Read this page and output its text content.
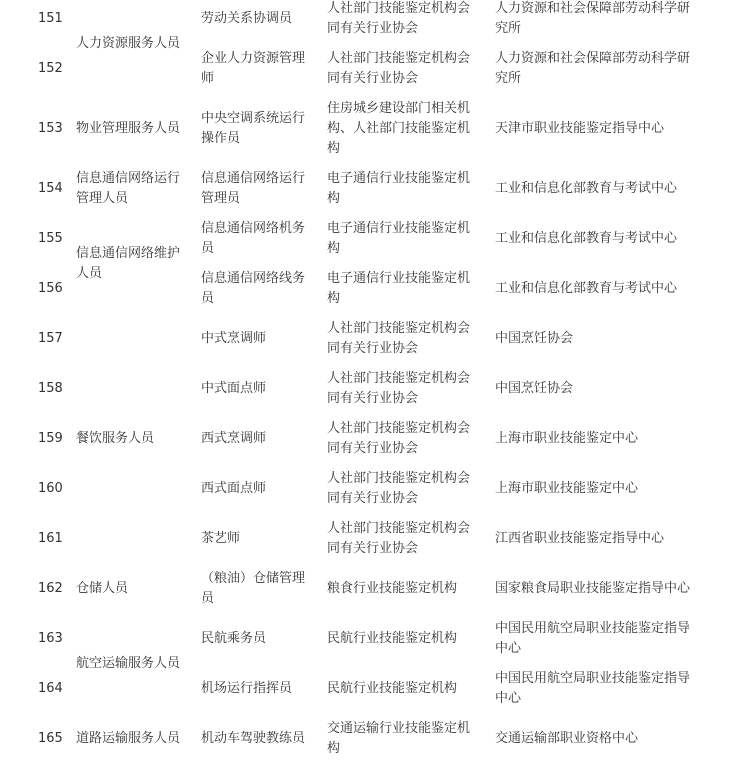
151	人力资源服务人员	劳动关系协调员	人社部门技能鉴定机构会同有关行业协会	人力资源和社会保障部劳动科学研究所
152		企业人力资源管理师	人社部门技能鉴定机构会同有关行业协会	人力资源和社会保障部劳动科学研究所
153	物业管理服务人员	中央空调系统运行操作员	住房城乡建设部门相关机构、人社部门技能鉴定机构	天津市职业技能鉴定指导中心
154	信息通信网络运行管理人员	信息通信网络运行管理员	电子通信行业技能鉴定机构	工业和信息化部教育与考试中心
155	信息通信网络维护人员	信息通信网络机务员	电子通信行业技能鉴定机构	工业和信息化部教育与考试中心
156		信息通信网络线务员	电子通信行业技能鉴定机构	工业和信息化部教育与考试中心
157	餐饮服务人员	中式烹调师	人社部门技能鉴定机构会同有关行业协会	中国烹饪协会
158		中式面点师	人社部门技能鉴定机构会同有关行业协会	中国烹饪协会
159		西式烹调师	人社部门技能鉴定机构会同有关行业协会	上海市职业技能鉴定中心
160		西式面点师	人社部门技能鉴定机构会同有关行业协会	上海市职业技能鉴定中心
161		茶艺师	人社部门技能鉴定机构会同有关行业协会	江西省职业技能鉴定指导中心
162	仓储人员	（粮油）仓储管理员	粮食行业技能鉴定机构	国家粮食局职业技能鉴定指导中心
163	航空运输服务人员	民航乘务员	民航行业技能鉴定机构	中国民用航空局职业技能鉴定指导中心
164		机场运行指挥员	民航行业技能鉴定机构	中国民用航空局职业技能鉴定指导中心
165	道路运输服务人员	机动车驾驶教练员	交通运输行业技能鉴定机构	交通运输部职业资格中心
